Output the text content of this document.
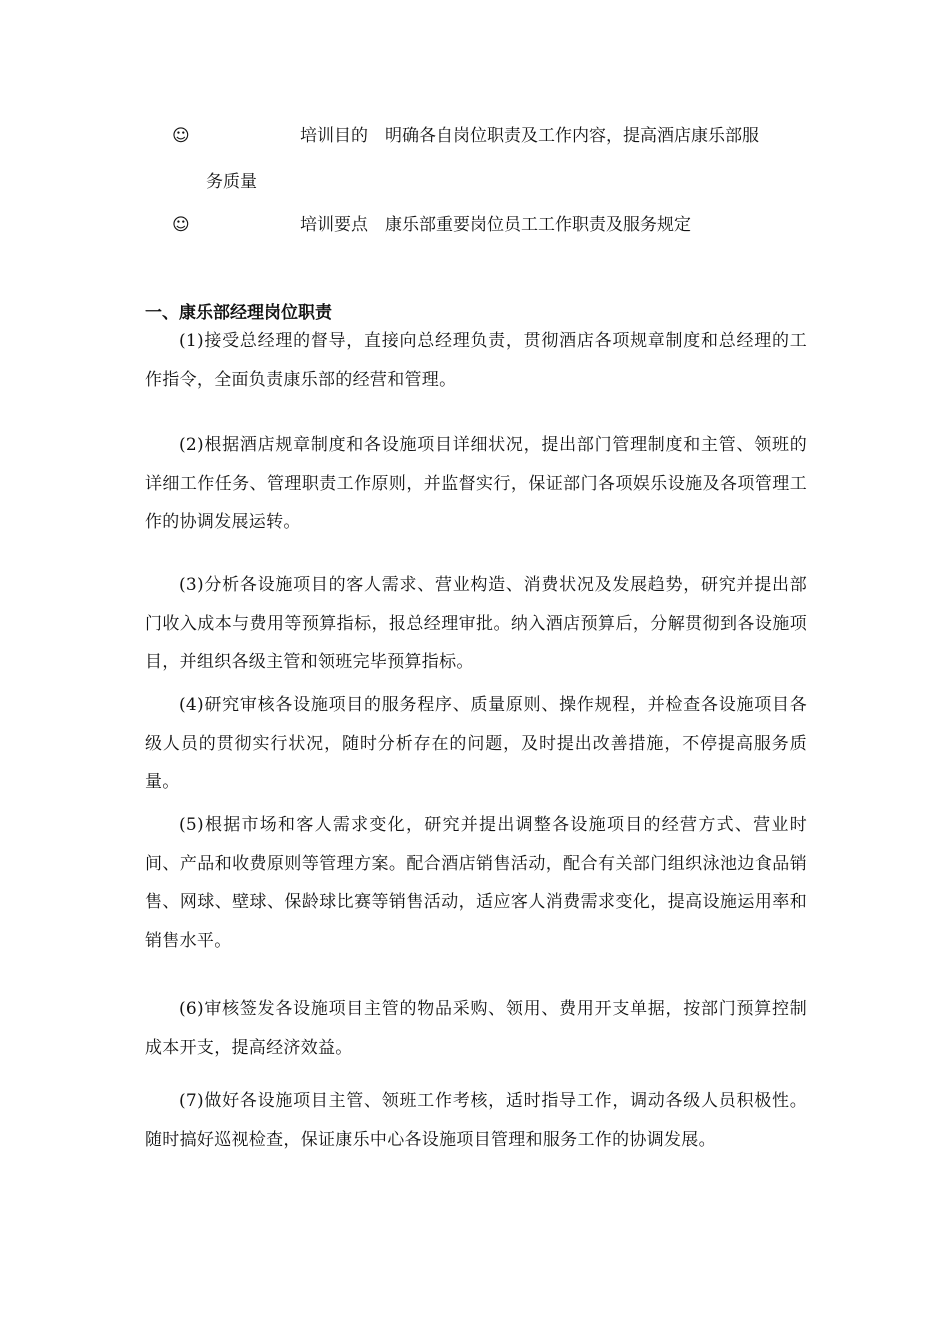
☺	培训目的 明确各自岗位职责及工作内容，提高酒店康乐部服
务质量
☺	培训要点 康乐部重要岗位员工工作职责及服务规定
一、康乐部经理岗位职责

(1)接受总经理的督导，直接向总经理负责，贯彻酒店各项规章制度和总经理的工作指令，全面负责康乐部的经营和管理。

(2)根据酒店规章制度和各设施项目详细状况，提出部门管理制度和主管、领班的详细工作任务、管理职责工作原则，并监督实行，保证部门各项娱乐设施及各项管理工作的协调发展运转。

(3)分析各设施项目的客人需求、营业构造、消费状况及发展趋势，研究并提出部门收入成本与费用等预算指标，报总经理审批。纳入酒店预算后，分解贯彻到各设施项目，并组织各级主管和领班完毕预算指标。

(4)研究审核各设施项目的服务程序、质量原则、操作规程，并检查各设施项目各级人员的贯彻实行状况，随时分析存在的问题，及时提出改善措施，不停提高服务质量。

(5)根据市场和客人需求变化，研究并提出调整各设施项目的经营方式、营业时间、产品和收费原则等管理方案。配合酒店销售活动，配合有关部门组织泳池边食品销售、网球、壁球、保龄球比赛等销售活动，适应客人消费需求变化，提高设施运用率和销售水平。

(6)审核签发各设施项目主管的物品采购、领用、费用开支单据，按部门预算控制成本开支，提高经济效益。

(7)做好各设施项目主管、领班工作考核，适时指导工作，调动各级人员积极性。随时搞好巡视检查，保证康乐中心各设施项目管理和服务工作的协调发展。
